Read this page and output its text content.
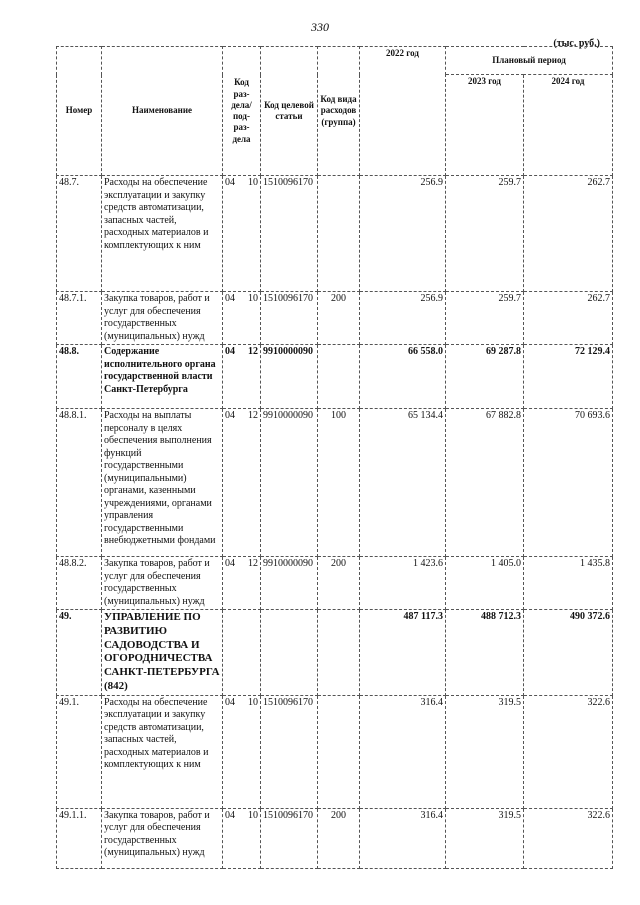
330
(тыс. руб.)
Номер	Наименование	Код раз- дела/ под- раз- дела	Код целевой статьи	Код вида расходов (группа)	2022 год	Плановый период	
						2023 год	2024 год
48.7.	Расходы на обеспечение эксплуатации и закупку средств автоматизации, запасных частей, расходных материалов и комплектующих к ним	04 10	1510096170		256.9	259.7	262.7
48.7.1.	Закупка товаров, работ и услуг для обеспечения государственных (муниципальных) нужд	04 10	1510096170	200	256.9	259.7	262.7
48.8.	Содержание исполнительного органа государственной власти Санкт-Петербурга	04 12	9910000090		66 558.0	69 287.8	72 129.4
48.8.1.	Расходы на выплаты персоналу в целях обеспечения выполнения функций государственными (муниципальными) органами, казенными учреждениями, органами управления государственными внебюджетными фондами	04 12	9910000090	100	65 134.4	67 882.8	70 693.6
48.8.2.	Закупка товаров, работ и услуг для обеспечения государственных (муниципальных) нужд	04 12	9910000090	200	1 423.6	1 405.0	1 435.8
49.	УПРАВЛЕНИЕ ПО РАЗВИТИЮ САДОВОДСТВА И ОГОРОДНИЧЕСТВА САНКТ-ПЕТЕРБУРГА (842)				487 117.3	488 712.3	490 372.6
49.1.	Расходы на обеспечение эксплуатации и закупку средств автоматизации, запасных частей, расходных материалов и комплектующих к ним	04 10	1510096170		316.4	319.5	322.6
49.1.1.	Закупка товаров, работ и услуг для обеспечения государственных (муниципальных) нужд	04 10	1510096170	200	316.4	319.5	322.6
